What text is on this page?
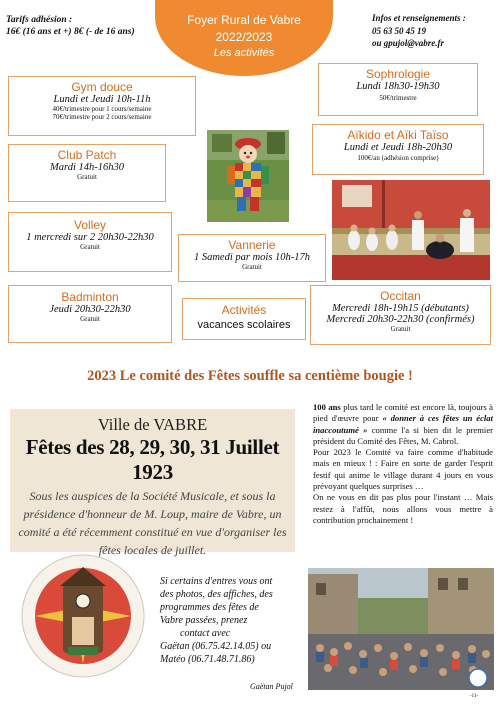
Tarifs adhésion :
16€ (16 ans et +) 8€ (- de 16 ans)
Foyer Rural de Vabre
2022/2023
Les activités
Infos et renseignements :
05 63 50 45 19
ou gpujol@vabre.fr
Gym douce
Lundi et Jeudi 10h-11h
40€/trimestre pour 1 cours/semaine
70€/trimestre pour 2 cours/semaine
Sophrologie
Lundi 18h30-19h30
50€/trimestre
Aïkido et Aïki Taïso
Lundi et Jeudi 18h-20h30
100€/an (adhésion comprise)
Club Patch
Mardi 14h-16h30
Gratuit
Volley
1 mercredi sur 2 20h30-22h30
Gratuit	Vannerie
1 Samedi par mois 10h-17h
Gratuit
Badminton
Jeudi 20h30-22h30
Gratuit
Activités
vacances scolaires
Occitan
Mercredi 18h-19h15 (débutants)
Mercredi 20h30-22h30 (confirmés)
Gratuit
2023 Le comité des Fêtes souffle sa centième bougie !
Ville de VABRE
Fêtes des 28, 29, 30, 31 Juillet 1923
Sous les auspices de la Société Musicale, et sous la présidence d'honneur de M. Loup, maire de Vabre, un comité a été récemment constitué en vue d'organiser les fêtes locales de juillet.

100 ans plus tard le comité est encore là, toujours à pied d'œuvre pour « donner à ces fêtes un éclat inaccoutumé » comme l'a si bien dit le premier président du Comité des Fêtes, M. Cabrol.

Pour 2023 le Comité va faire comme d'habitude mais en mieux ! : Faire en sorte de garder l'esprit festif qui anime le village durant 4 jours en vous prévoyant quelques surprises …

On ne vous en dit pas plus pour l'instant … Mais restez à l'affût, nous allons vous mettre à contribution prochainement !

Si certains d'entres vous ont
des photos, des affiches, des
programmes des fêtes de
Vabre passées, prenez
contact avec
Gaëtan (06.75.42.14.05) ou
Matéo (06.71.48.71.86)
Gaëtan Pujol
-11-
